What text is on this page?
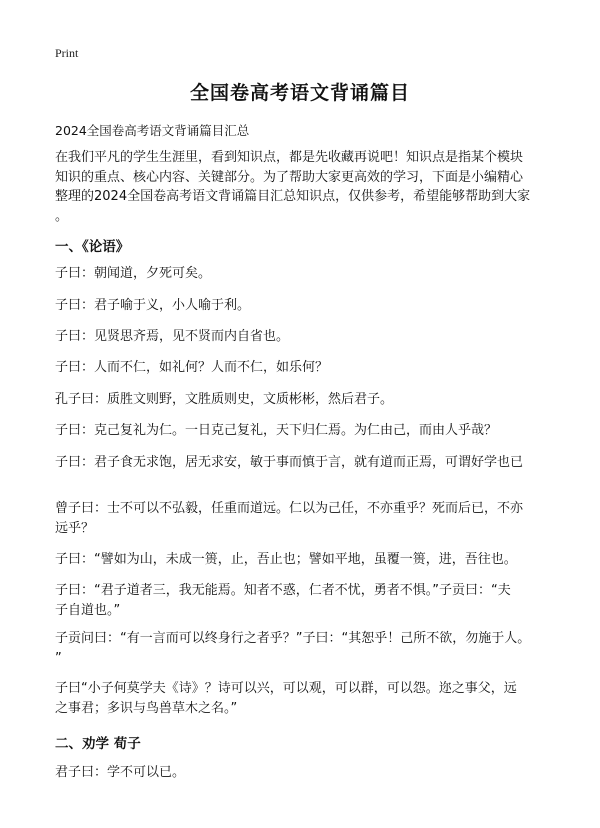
Print
全国卷高考语文背诵篇目
2024全国卷高考语文背诵篇目汇总
在我们平凡的学生生涯里，看到知识点，都是先收藏再说吧！知识点是指某个模块
知识的重点、核心内容、关键部分。为了帮助大家更高效的学习，下面是小编精心
整理的2024全国卷高考语文背诵篇目汇总知识点，仅供参考，希望能够帮助到大家
。
一、《论语》
子曰：朝闻道，夕死可矣。
子曰：君子喻于义，小人喻于利。
子曰：见贤思齐焉，见不贤而内自省也。
子曰：人而不仁，如礼何？人而不仁，如乐何？
孔子曰：质胜文则野，文胜质则史，文质彬彬，然后君子。
子曰：克己复礼为仁。一日克己复礼，天下归仁焉。为仁由己，而由人乎哉？
子曰：君子食无求饱，居无求安，敏于事而慎于言，就有道而正焉，可谓好学也已
曾子曰：士不可以不弘毅，任重而道远。仁以为己任，不亦重乎？死而后已，不亦
远乎？
子曰：“譬如为山，未成一篑，止，吾止也；譬如平地，虽覆一篑，进，吾往也。
子曰：“君子道者三，我无能焉。知者不惑，仁者不忧，勇者不惧。”子贡曰：“夫
子自道也。”
子贡问曰：“有一言而可以终身行之者乎？”子曰：“其恕乎！己所不欲，勿施于人。
”
子曰“小子何莫学夫《诗》？诗可以兴，可以观，可以群，可以怨。迩之事父，远
之事君；多识与鸟兽草木之名。”
二、劝学 荀子
君子曰：学不可以已。
